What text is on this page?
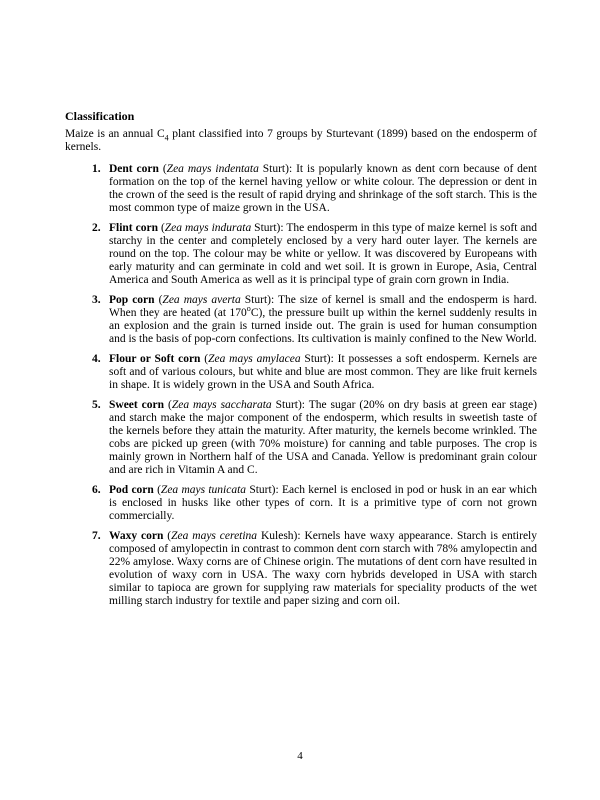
Classification
Maize is an annual $C_4$ plant classified into 7 groups by Sturtevant (1899) based on the endosperm of kernels.
1. Dent corn (Zea mays indentata Sturt): It is popularly known as dent corn because of dent formation on the top of the kernel having yellow or white colour. The depression or dent in the crown of the seed is the result of rapid drying and shrinkage of the soft starch. This is the most common type of maize grown in the USA.
2. Flint corn (Zea mays indurata Sturt): The endosperm in this type of maize kernel is soft and starchy in the center and completely enclosed by a very hard outer layer. The kernels are round on the top. The colour may be white or yellow. It was discovered by Europeans with early maturity and can germinate in cold and wet soil. It is grown in Europe, Asia, Central America and South America as well as it is principal type of grain corn grown in India.
3. Pop corn (Zea mays averta Sturt): The size of kernel is small and the endosperm is hard. When they are heated (at 170$^o$C), the pressure built up within the kernel suddenly results in an explosion and the grain is turned inside out. The grain is used for human consumption and is the basis of pop-corn confections. Its cultivation is mainly confined to the New World.
4. Flour or Soft corn (Zea mays amylacea Sturt): It possesses a soft endosperm. Kernels are soft and of various colours, but white and blue are most common. They are like fruit kernels in shape. It is widely grown in the USA and South Africa.
5. Sweet corn (Zea mays saccharata Sturt): The sugar (20% on dry basis at green ear stage) and starch make the major component of the endosperm, which results in sweetish taste of the kernels before they attain the maturity. After maturity, the kernels become wrinkled. The cobs are picked up green (with 70% moisture) for canning and table purposes. The crop is mainly grown in Northern half of the USA and Canada. Yellow is predominant grain colour and are rich in Vitamin A and C.
6. Pod corn (Zea mays tunicata Sturt): Each kernel is enclosed in pod or husk in an ear which is enclosed in husks like other types of corn. It is a primitive type of corn not grown commercially.
7. Waxy corn (Zea mays ceretina Kulesh): Kernels have waxy appearance. Starch is entirely composed of amylopectin in contrast to common dent corn starch with 78% amylopectin and 22% amylose. Waxy corns are of Chinese origin. The mutations of dent corn have resulted in evolution of waxy corn in USA. The waxy corn hybrids developed in USA with starch similar to tapioca are grown for supplying raw materials for speciality products of the wet milling starch industry for textile and paper sizing and corn oil.
4
